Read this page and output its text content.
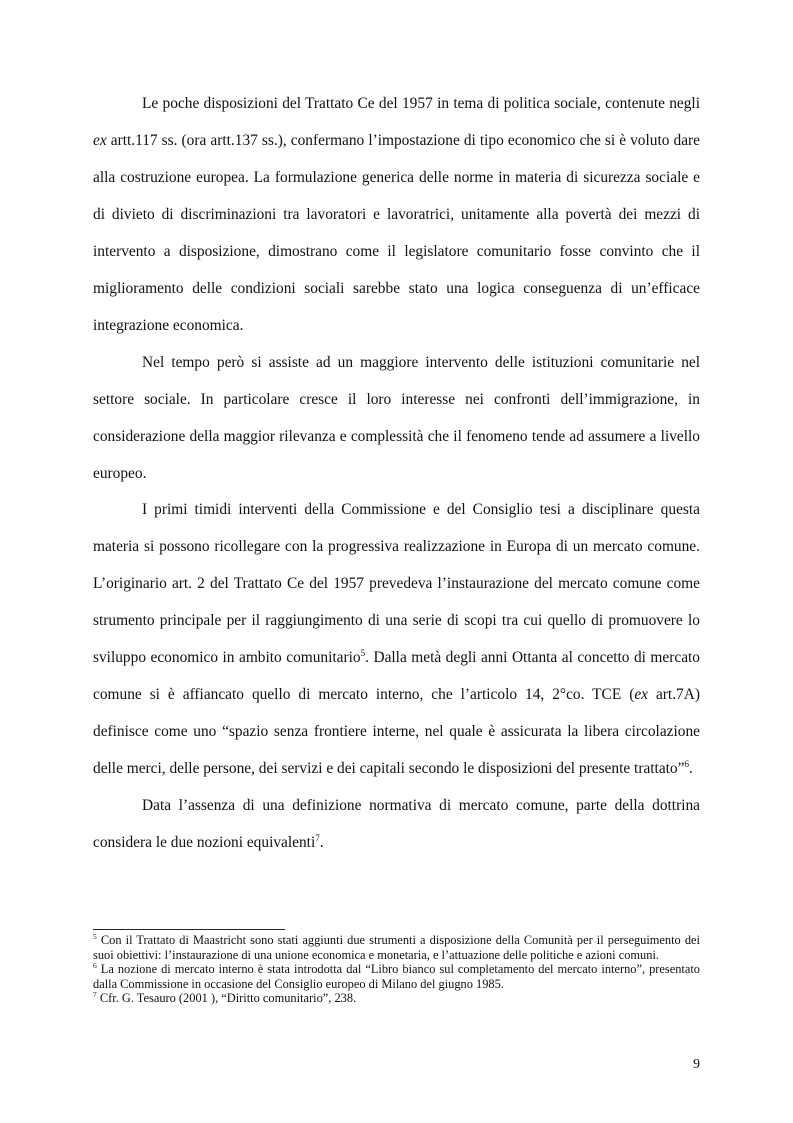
Le poche disposizioni del Trattato Ce del 1957 in tema di politica sociale, contenute negli ex artt.117 ss. (ora artt.137 ss.), confermano l’impostazione di tipo economico che si è voluto dare alla costruzione europea. La formulazione generica delle norme in materia di sicurezza sociale e di divieto di discriminazioni tra lavoratori e lavoratrici, unitamente alla povertà dei mezzi di intervento a disposizione, dimostrano come il legislatore comunitario fosse convinto che il miglioramento delle condizioni sociali sarebbe stato una logica conseguenza di un’efficace integrazione economica.

Nel tempo però si assiste ad un maggiore intervento delle istituzioni comunitarie nel settore sociale. In particolare cresce il loro interesse nei confronti dell’immigrazione, in considerazione della maggior rilevanza e complessità che il fenomeno tende ad assumere a livello europeo.

I primi timidi interventi della Commissione e del Consiglio tesi a disciplinare questa materia si possono ricollegare con la progressiva realizzazione in Europa di un mercato comune. L’originario art. 2 del Trattato Ce del 1957 prevedeva l’instaurazione del mercato comune come strumento principale per il raggiungimento di una serie di scopi tra cui quello di promuovere lo sviluppo economico in ambito comunitario$^5$. Dalla metà degli anni Ottanta al concetto di mercato comune si è affiancato quello di mercato interno, che l’articolo 14, 2°co. TCE (ex art.7A) definisce come uno “spazio senza frontiere interne, nel quale è assicurata la libera circolazione delle merci, delle persone, dei servizi e dei capitali secondo le disposizioni del presente trattato”$^6$.

Data l’assenza di una definizione normativa di mercato comune, parte della dottrina considera le due nozioni equivalenti$^7$.

$^5$ Con il Trattato di Maastricht sono stati aggiunti due strumenti a disposizione della Comunità per il perseguimento dei suoi obiettivi: l’instaurazione di una unione economica e monetaria, e l’attuazione delle politiche e azioni comuni.

$^6$ La nozione di mercato interno è stata introdotta dal “Libro bianco sul completamento del mercato interno”, presentato dalla Commissione in occasione del Consiglio europeo di Milano del giugno 1985.

$^7$ Cfr. G. Tesauro (2001 ), “Diritto comunitario”, 238.

9
